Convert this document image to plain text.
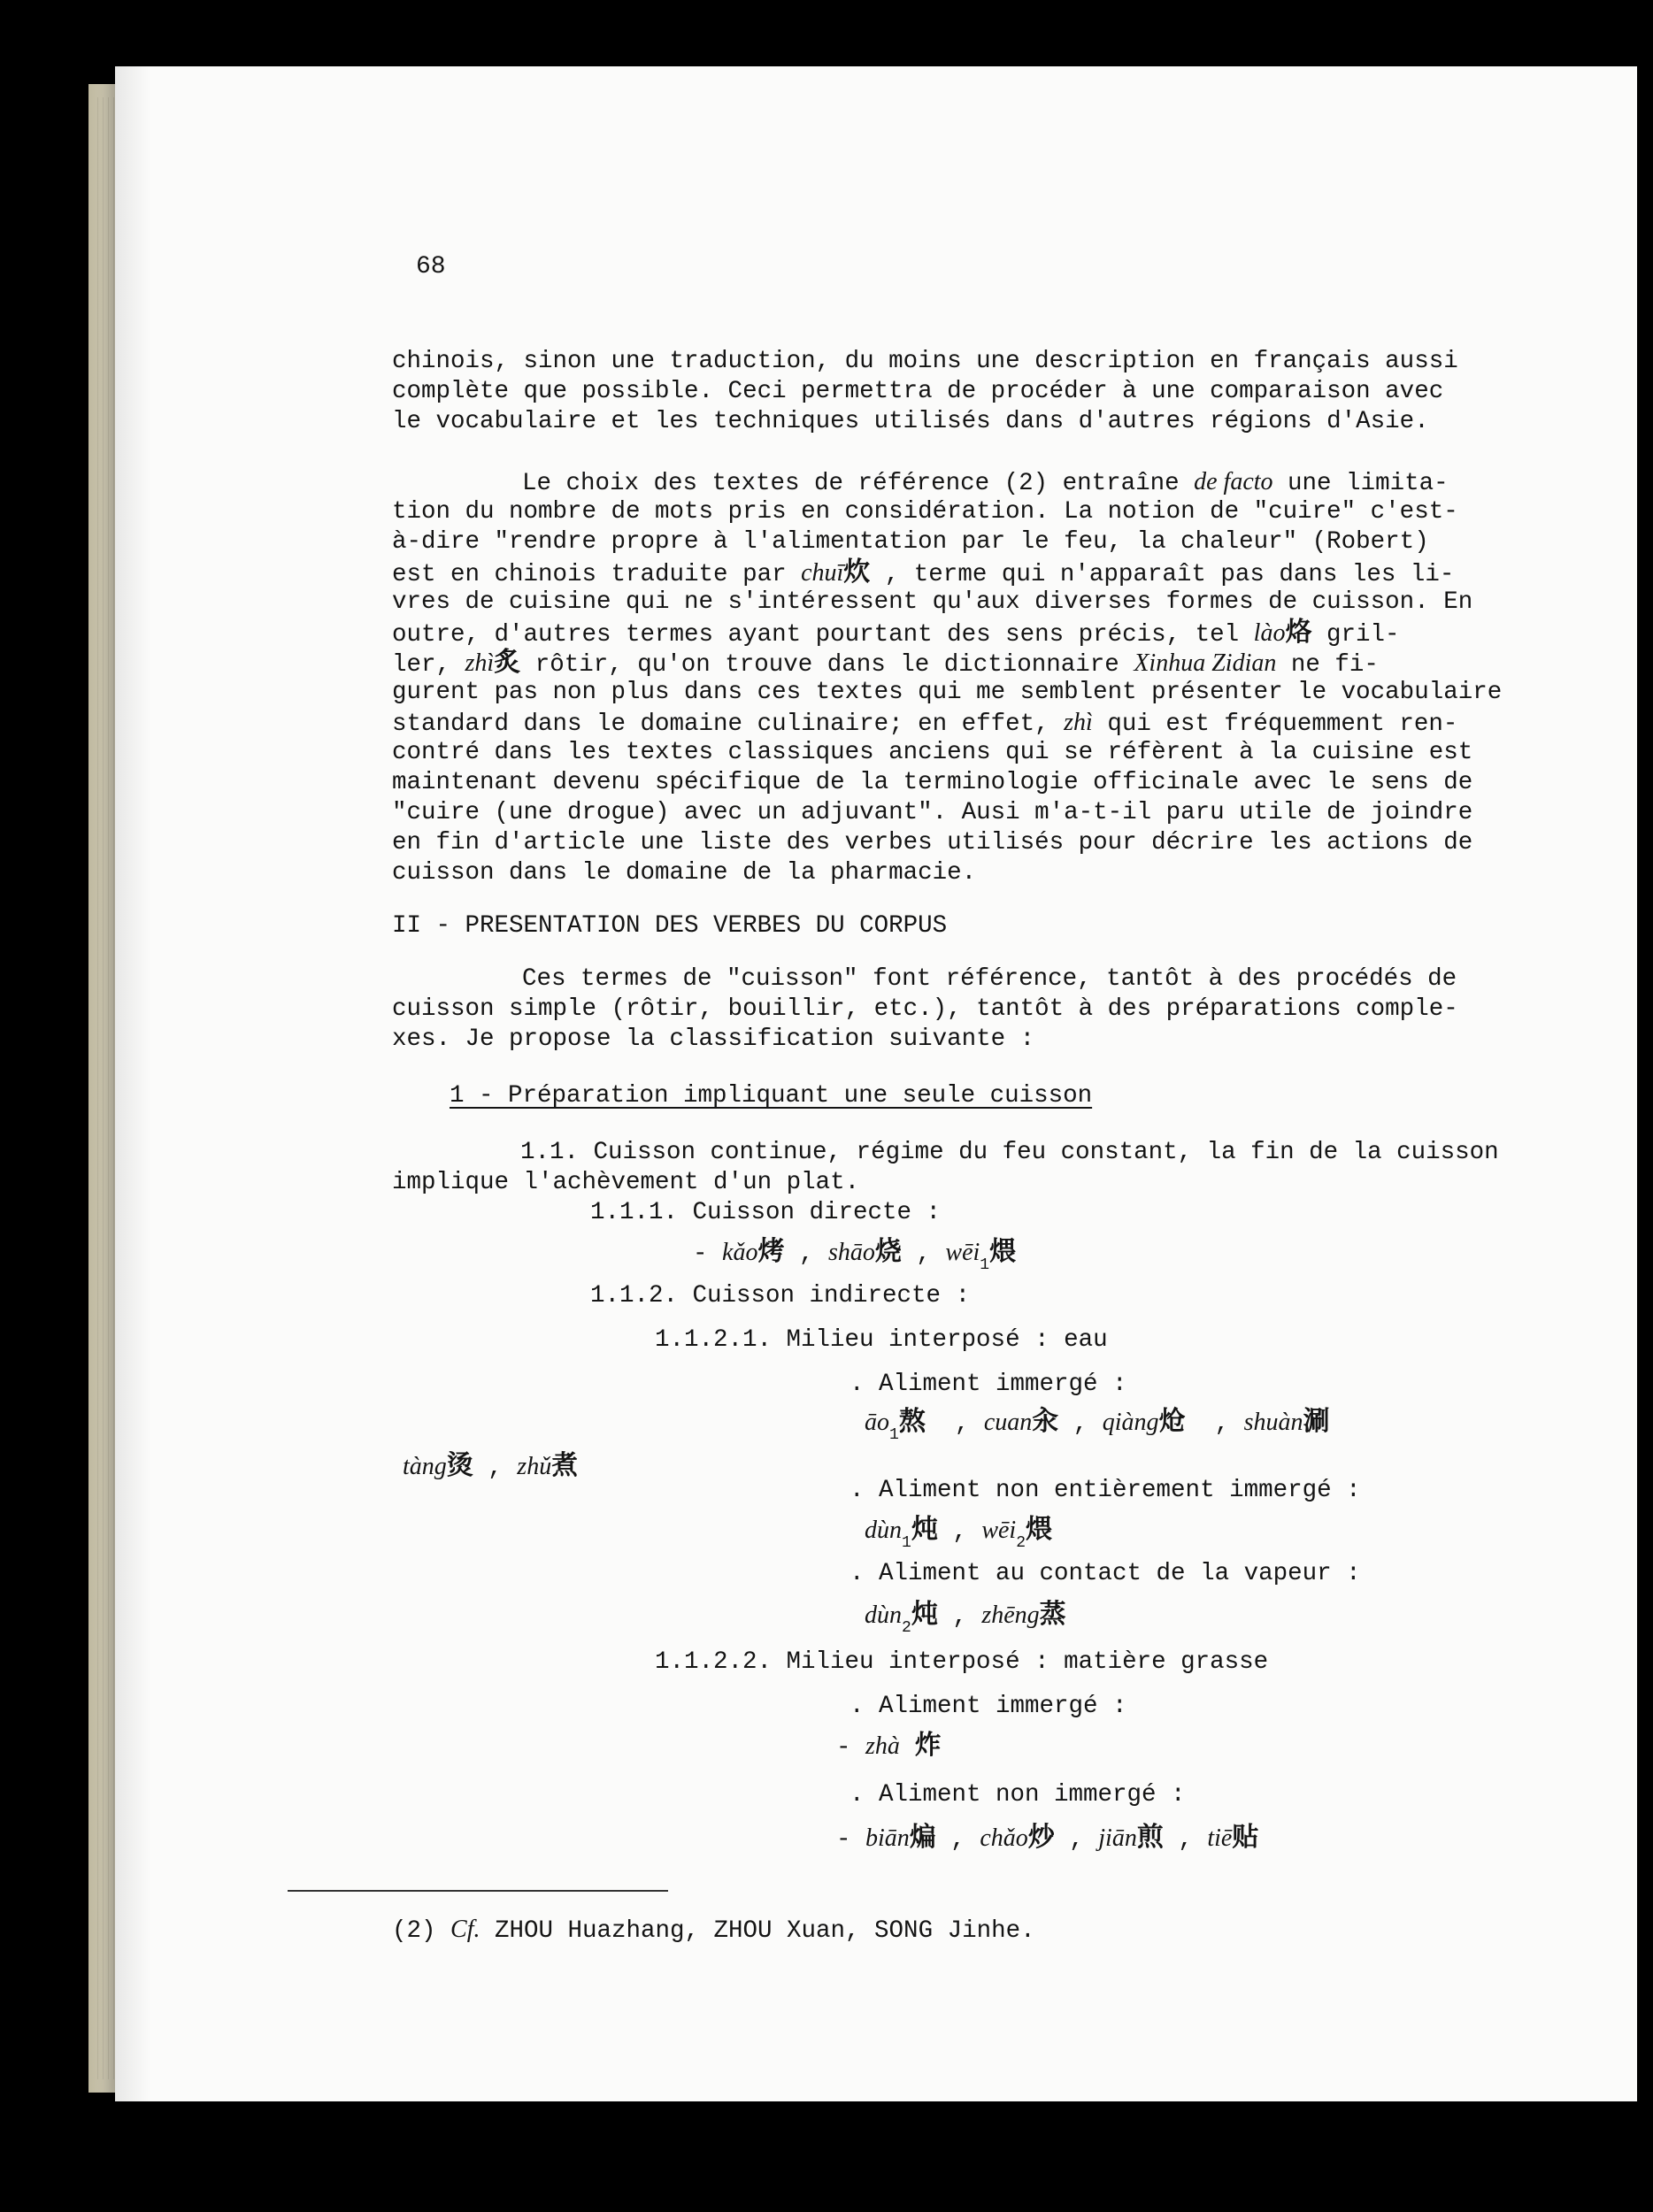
68
chinois, sinon une traduction, du moins une description en français aussi
complète que possible. Ceci permettra de procéder à une comparaison avec
le vocabulaire et les techniques utilisés dans d'autres régions d'Asie.
Le choix des textes de référence (2) entraîne de facto une limita-
tion du nombre de mots pris en considération. La notion de "cuire" c'est-
à-dire "rendre propre à l'alimentation par le feu, la chaleur" (Robert)
est en chinois traduite par chuī炊 , terme qui n'apparaît pas dans les li-
vres de cuisine qui ne s'intéressent qu'aux diverses formes de cuisson. En
outre, d'autres termes ayant pourtant des sens précis, tel lào烙 gril-
ler, zhì炙 rôtir, qu'on trouve dans le dictionnaire Xinhua Zidian ne fi-
gurent pas non plus dans ces textes qui me semblent présenter le vocabulaire
standard dans le domaine culinaire; en effet, zhì qui est fréquemment ren-
contré dans les textes classiques anciens qui se réfèrent à la cuisine est
maintenant devenu spécifique de la terminologie officinale avec le sens de
"cuire (une drogue) avec un adjuvant". Ausi m'a-t-il paru utile de joindre
en fin d'article une liste des verbes utilisés pour décrire les actions de
cuisson dans le domaine de la pharmacie.
II - PRESENTATION DES VERBES DU CORPUS
Ces termes de "cuisson" font référence, tantôt à des procédés de
cuisson simple (rôtir, bouillir, etc.), tantôt à des préparations comple-
xes. Je propose la classification suivante :
1 - Préparation impliquant une seule cuisson
1.1. Cuisson continue, régime du feu constant, la fin de la cuisson
implique l'achèvement d'un plat.
1.1.1. Cuisson directe :
- kǎo烤 , shāo烧 , wēi$_1$煨
1.1.2. Cuisson indirecte :
1.1.2.1. Milieu interposé : eau
. Aliment immergé :
$āo_1$熬  , cuan汆 , qiàng炝  , shuàn涮
tàng烫 , zhǔ煮
. Aliment non entièrement immergé :
dùn$_1$炖 , wēi$_2$煨
. Aliment au contact de la vapeur :
dùn$_2$炖 , zhēng蒸
1.1.2.2. Milieu interposé : matière grasse
. Aliment immergé :
- zhà 炸
. Aliment non immergé :
- biān煸 , chǎo炒 , jiān煎 , tiē贴
(2) Cf. ZHOU Huazhang, ZHOU Xuan, SONG Jinhe.
